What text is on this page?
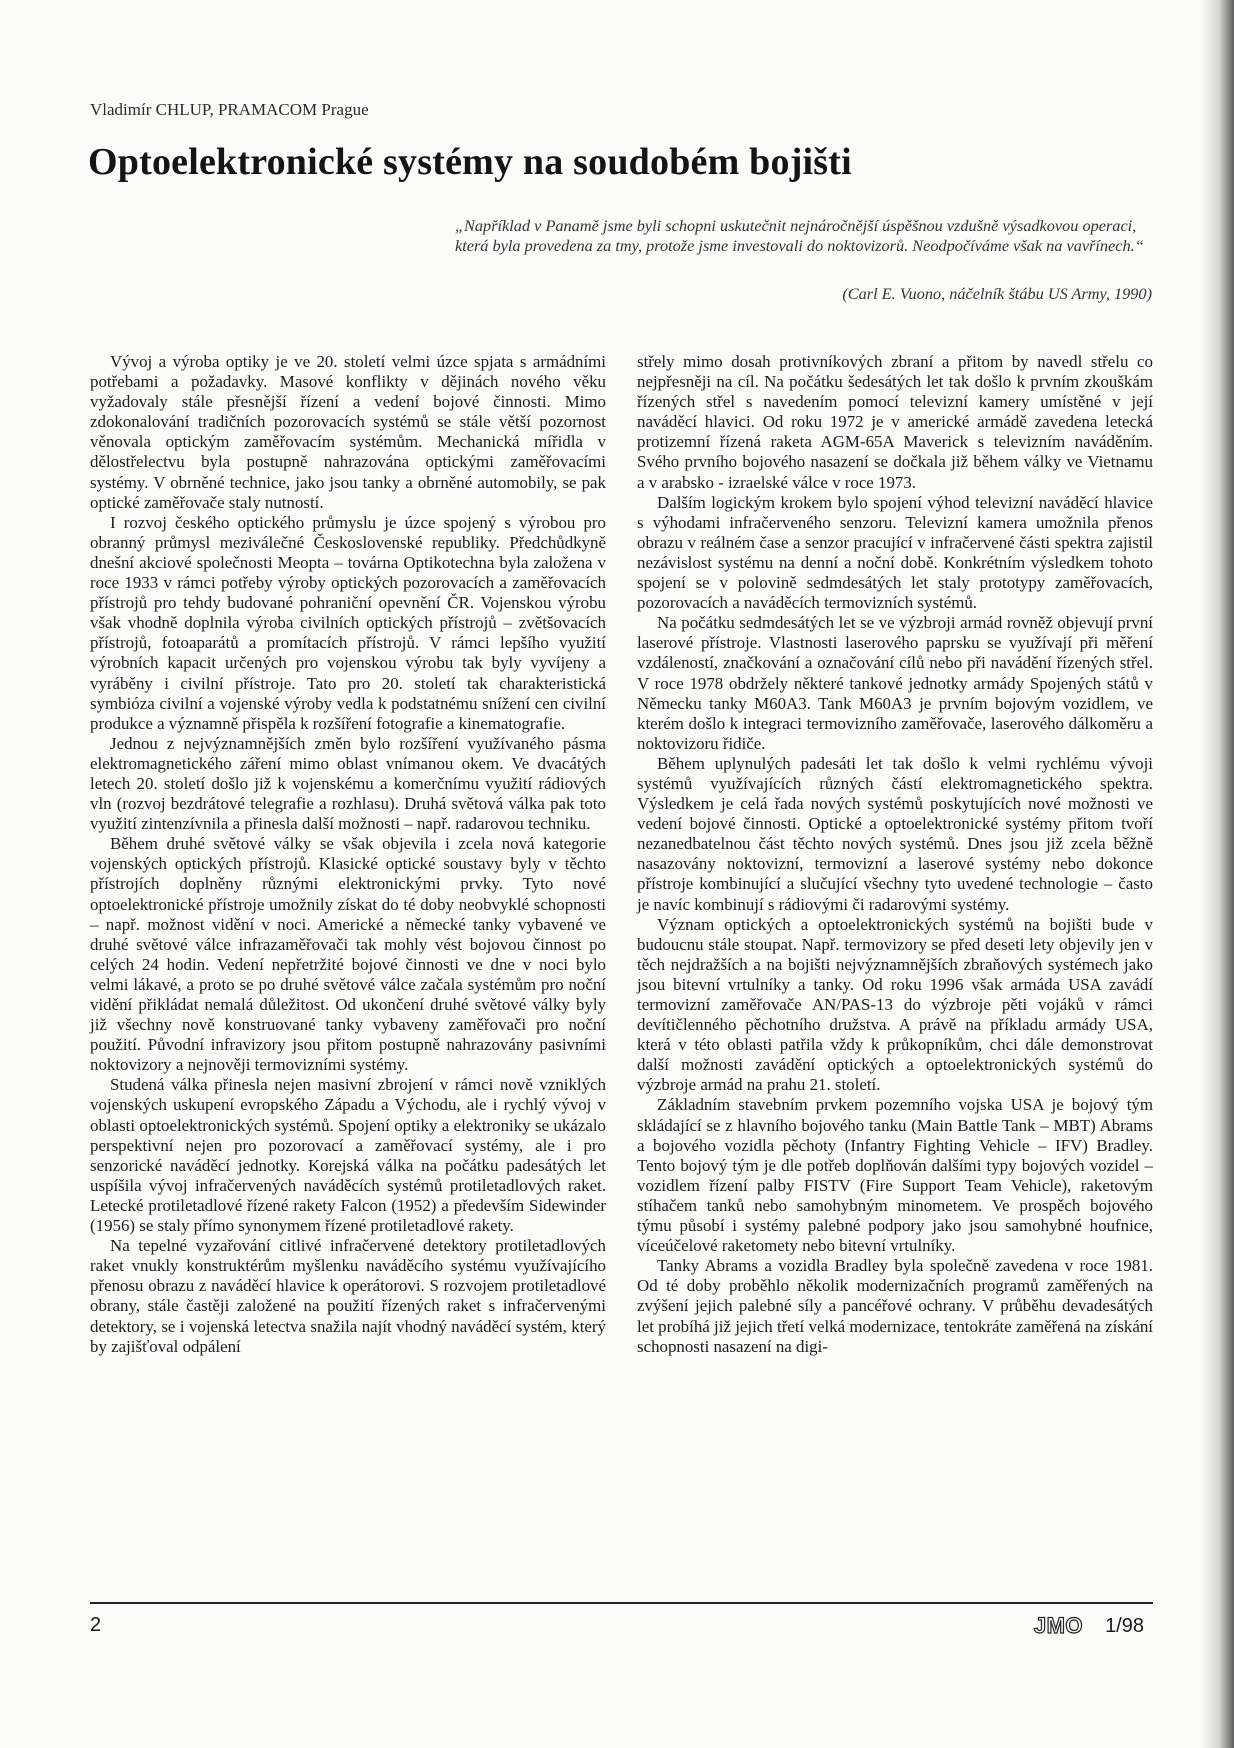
Vladimír CHLUP, PRAMACOM Prague
Optoelektronické systémy na soudobém bojišti

„Například v Panamě jsme byli schopni uskutečnit nejnáročnější úspěšnou vzdušně výsadkovou operaci, která byla provedena za tmy, protože jsme investovali do noktovizorů. Neodpočíváme však na vavřínech.“

(Carl E. Vuono, náčelník štábu US Army, 1990)

Vývoj a výroba optiky je ve 20. století velmi úzce spjata s armádními potřebami a požadavky. Masové konflikty v dějinách nového věku vyžadovaly stále přesnější řízení a vedení bojové činnosti. Mimo zdokonalování tradičních pozorovacích systémů se stále větší pozornost věnovala optickým zaměřovacím systémům. Mechanická mířidla v dělostřelectvu byla postupně nahrazována optickými zaměřovacími systémy. V obrněné technice, jako jsou tanky a obrněné automobily, se pak optické zaměřovače staly nutností.

I rozvoj českého optického průmyslu je úzce spojený s výrobou pro obranný průmysl meziválečné Československé republiky. Předchůdkyně dnešní akciové společnosti Meopta – továrna Optikotechna byla založena v roce 1933 v rámci potřeby výroby optických pozorovacích a zaměřovacích přístrojů pro tehdy budované pohraniční opevnění ČR. Vojenskou výrobu však vhodně doplnila výroba civilních optických přístrojů – zvětšovacích přístrojů, fotoaparátů a promítacích přístrojů. V rámci lepšího využití výrobních kapacit určených pro vojenskou výrobu tak byly vyvíjeny a vyráběny i civilní přístroje. Tato pro 20. století tak charakteristická symbióza civilní a vojenské výroby vedla k podstatnému snížení cen civilní produkce a významně přispěla k rozšíření fotografie a kinematografie.

Jednou z nejvýznamnějších změn bylo rozšíření využívaného pásma elektromagnetického záření mimo oblast vnímanou okem. Ve dvacátých letech 20. století došlo již k vojenskému a komerčnímu využití rádiových vln (rozvoj bezdrátové telegrafie a rozhlasu). Druhá světová válka pak toto využití zintenzívnila a přinesla další možnosti – např. radarovou techniku.

Během druhé světové války se však objevila i zcela nová kategorie vojenských optických přístrojů. Klasické optické soustavy byly v těchto přístrojích doplněny různými elektronickými prvky. Tyto nové optoelektronické přístroje umožnily získat do té doby neobvyklé schopnosti – např. možnost vidění v noci. Americké a německé tanky vybavené ve druhé světové válce infrazaměřovači tak mohly vést bojovou činnost po celých 24 hodin. Vedení nepřetržité bojové činnosti ve dne v noci bylo velmi lákavé, a proto se po druhé světové válce začala systémům pro noční vidění přikládat nemalá důležitost. Od ukončení druhé světové války byly již všechny nově konstruované tanky vybaveny zaměřovači pro noční použití. Původní infravizory jsou přitom postupně nahrazovány pasivními noktovizory a nejnověji termovizními systémy.

Studená válka přinesla nejen masivní zbrojení v rámci nově vzniklých vojenských uskupení evropského Západu a Východu, ale i rychlý vývoj v oblasti optoelektronických systémů. Spojení optiky a elektroniky se ukázalo perspektivní nejen pro pozorovací a zaměřovací systémy, ale i pro senzorické naváděcí jednotky. Korejská válka na počátku padesátých let uspíšila vývoj infračervených naváděcích systémů protiletadlových raket. Letecké protiletadlové řízené rakety Falcon (1952) a především Sidewinder (1956) se staly přímo synonymem řízené protiletadlové rakety.

Na tepelné vyzařování citlivé infračervené detektory protiletadlových raket vnukly konstruktérům myšlenku naváděcího systému využívajícího přenosu obrazu z naváděcí hlavice k operátorovi. S rozvojem protiletadlové obrany, stále častěji založené na použití řízených raket s infračervenými detektory, se i vojenská letectva snažila najít vhodný naváděcí systém, který by zajišťoval odpálení

střely mimo dosah protivníkových zbraní a přitom by navedl střelu co nejpřesněji na cíl. Na počátku šedesátých let tak došlo k prvním zkouškám řízených střel s navedením pomocí televizní kamery umístěné v její naváděcí hlavici. Od roku 1972 je v americké armádě zavedena letecká protizemní řízená raketa AGM-65A Maverick s televizním naváděním. Svého prvního bojového nasazení se dočkala již během války ve Vietnamu a v arabsko - izraelské válce v roce 1973.

Dalším logickým krokem bylo spojení výhod televizní naváděcí hlavice s výhodami infračerveného senzoru. Televizní kamera umožnila přenos obrazu v reálném čase a senzor pracující v infračervené části spektra zajistil nezávislost systému na denní a noční době. Konkrétním výsledkem tohoto spojení se v polovině sedmdesátých let staly prototypy zaměřovacích, pozorovacích a naváděcích termovizních systémů.

Na počátku sedmdesátých let se ve výzbroji armád rovněž objevují první laserové přístroje. Vlastnosti laserového paprsku se využívají při měření vzdáleností, značkování a označování cílů nebo při navádění řízených střel. V roce 1978 obdržely některé tankové jednotky armády Spojených států v Německu tanky M60A3. Tank M60A3 je prvním bojovým vozidlem, ve kterém došlo k integraci termovizního zaměřovače, laserového dálkoměru a noktovizoru řidiče.

Během uplynulých padesáti let tak došlo k velmi rychlému vývoji systémů využívajících různých částí elektromagnetického spektra. Výsledkem je celá řada nových systémů poskytujících nové možnosti ve vedení bojové činnosti. Optické a optoelektronické systémy přitom tvoří nezanedbatelnou část těchto nových systémů. Dnes jsou již zcela běžně nasazovány noktovizní, termovizní a laserové systémy nebo dokonce přístroje kombinující a slučující všechny tyto uvedené technologie – často je navíc kombinují s rádiovými či radarovými systémy.

Význam optických a optoelektronických systémů na bojišti bude v budoucnu stále stoupat. Např. termovizory se před deseti lety objevily jen v těch nejdražších a na bojišti nejvýznamnějších zbraňových systémech jako jsou bitevní vrtulníky a tanky. Od roku 1996 však armáda USA zavádí termovizní zaměřovače AN/PAS-13 do výzbroje pěti vojáků v rámci devítičlenného pěchotního družstva. A právě na příkladu armády USA, která v této oblasti patřila vždy k průkopníkům, chci dále demonstrovat další možnosti zavádění optických a optoelektronických systémů do výzbroje armád na prahu 21. století.

Základním stavebním prvkem pozemního vojska USA je bojový tým skládající se z hlavního bojového tanku (Main Battle Tank – MBT) Abrams a bojového vozidla pěchoty (Infantry Fighting Vehicle – IFV) Bradley. Tento bojový tým je dle potřeb doplňován dalšími typy bojových vozidel – vozidlem řízení palby FISTV (Fire Support Team Vehicle), raketovým stíhačem tanků nebo samohybným minometem. Ve prospěch bojového týmu působí i systémy palebné podpory jako jsou samohybné houfnice, víceúčelové raketomety nebo bitevní vrtulníky.

Tanky Abrams a vozidla Bradley byla společně zavedena v roce 1981. Od té doby proběhlo několik modernizačních programů zaměřených na zvýšení jejich palebné síly a pancéřové ochrany. V průběhu devadesátých let probíhá již jejich třetí velká modernizace, tentokráte zaměřená na získání schopnosti nasazení na digi-

2	JMO 1/98
